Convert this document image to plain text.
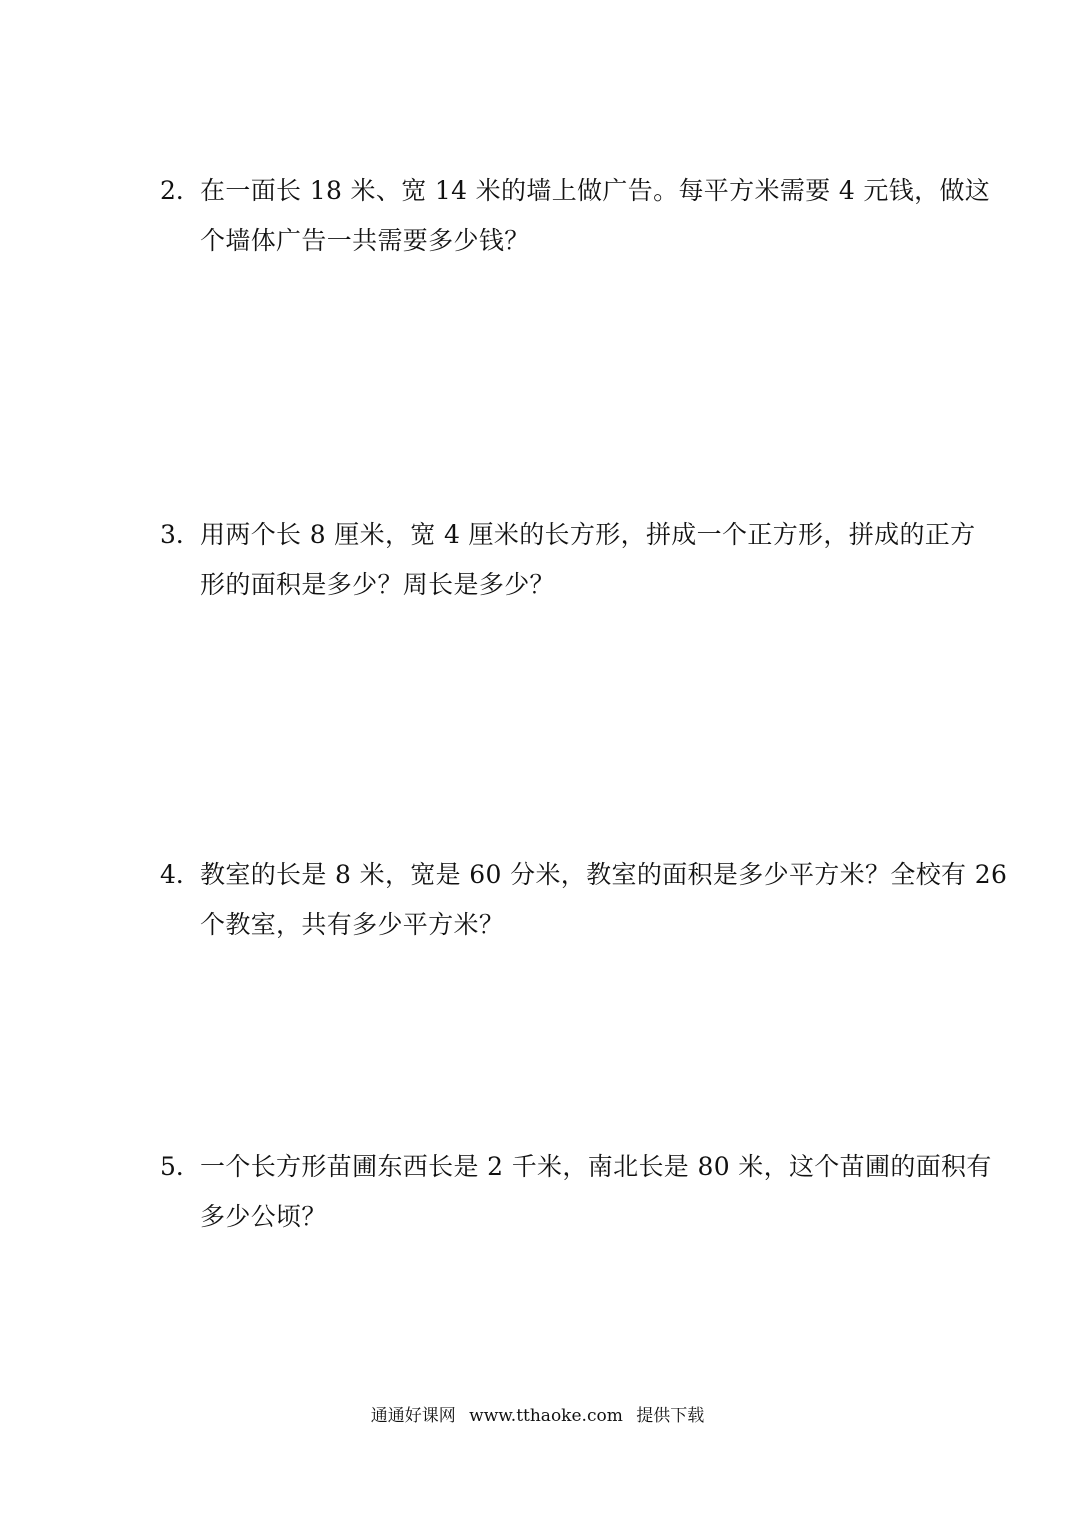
2．在一面长 18 米、宽 14 米的墙上做广告。每平方米需要 4 元钱，做这
个墙体广告一共需要多少钱？
3．用两个长 8 厘米，宽 4 厘米的长方形，拼成一个正方形，拼成的正方
形的面积是多少？周长是多少？
4．教室的长是 8 米，宽是 60 分米，教室的面积是多少平方米？全校有 26
个教室，共有多少平方米？
5．一个长方形苗圃东西长是 2 千米，南北长是 80 米，这个苗圃的面积有
多少公顷？
通通好课网 www.tthaoke.com 提供下载
